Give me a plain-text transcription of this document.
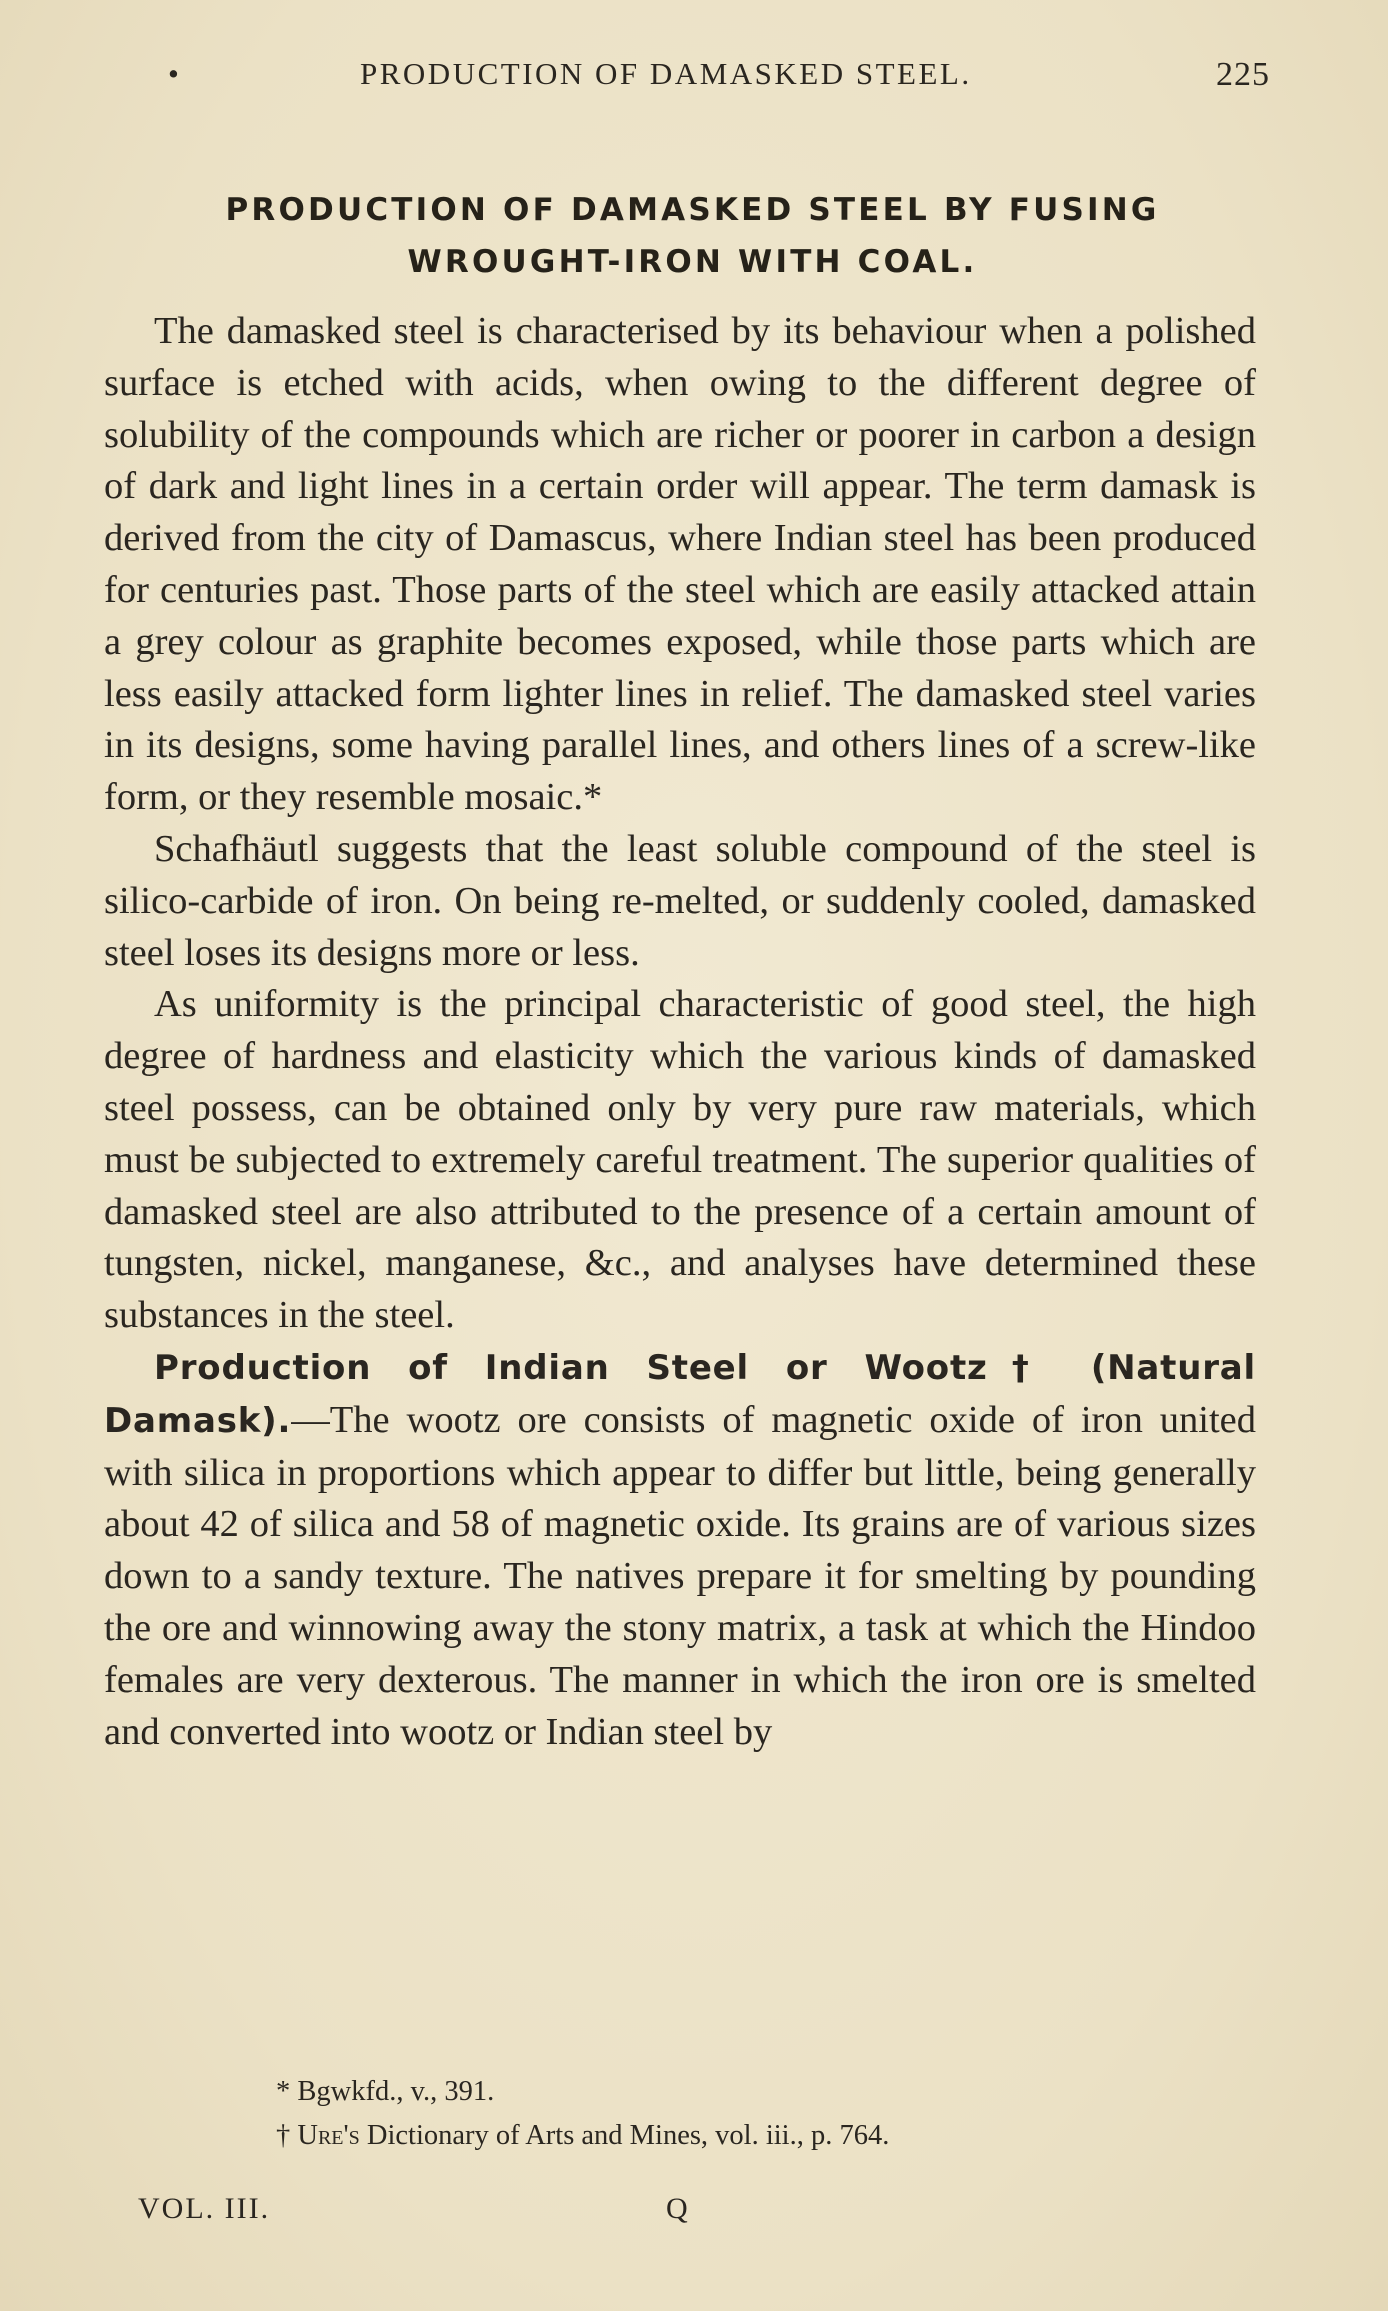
•	PRODUCTION OF DAMASKED STEEL.	225
PRODUCTION OF DAMASKED STEEL BY FUSING
WROUGHT-IRON WITH COAL.

The damasked steel is characterised by its behaviour when a polished surface is etched with acids, when owing to the different degree of solubility of the compounds which are richer or poorer in carbon a design of dark and light lines in a certain order will appear. The term damask is derived from the city of Damascus, where Indian steel has been produced for centuries past. Those parts of the steel which are easily attacked attain a grey colour as graphite becomes exposed, while those parts which are less easily attacked form lighter lines in relief. The damasked steel varies in its designs, some having parallel lines, and others lines of a screw-like form, or they resemble mosaic.*

Schafhäutl suggests that the least soluble compound of the steel is silico-carbide of iron. On being re-melted, or suddenly cooled, damasked steel loses its designs more or less.

As uniformity is the principal characteristic of good steel, the high degree of hardness and elasticity which the various kinds of damasked steel possess, can be obtained only by very pure raw materials, which must be subjected to extremely careful treatment. The superior qualities of damasked steel are also attributed to the presence of a certain amount of tungsten, nickel, manganese, &c., and analyses have determined these substances in the steel.

Production of Indian Steel or Wootz† (Natural Damask).—The wootz ore consists of magnetic oxide of iron united with silica in proportions which appear to differ but little, being generally about 42 of silica and 58 of magnetic oxide. Its grains are of various sizes down to a sandy texture. The natives prepare it for smelting by pounding the ore and winnowing away the stony matrix, a task at which the Hindoo females are very dexterous. The manner in which the iron ore is smelted and converted into wootz or Indian steel by

* Bgwkfd., v., 391.
† Ure's Dictionary of Arts and Mines, vol. iii., p. 764.
VOL. III.	Q
